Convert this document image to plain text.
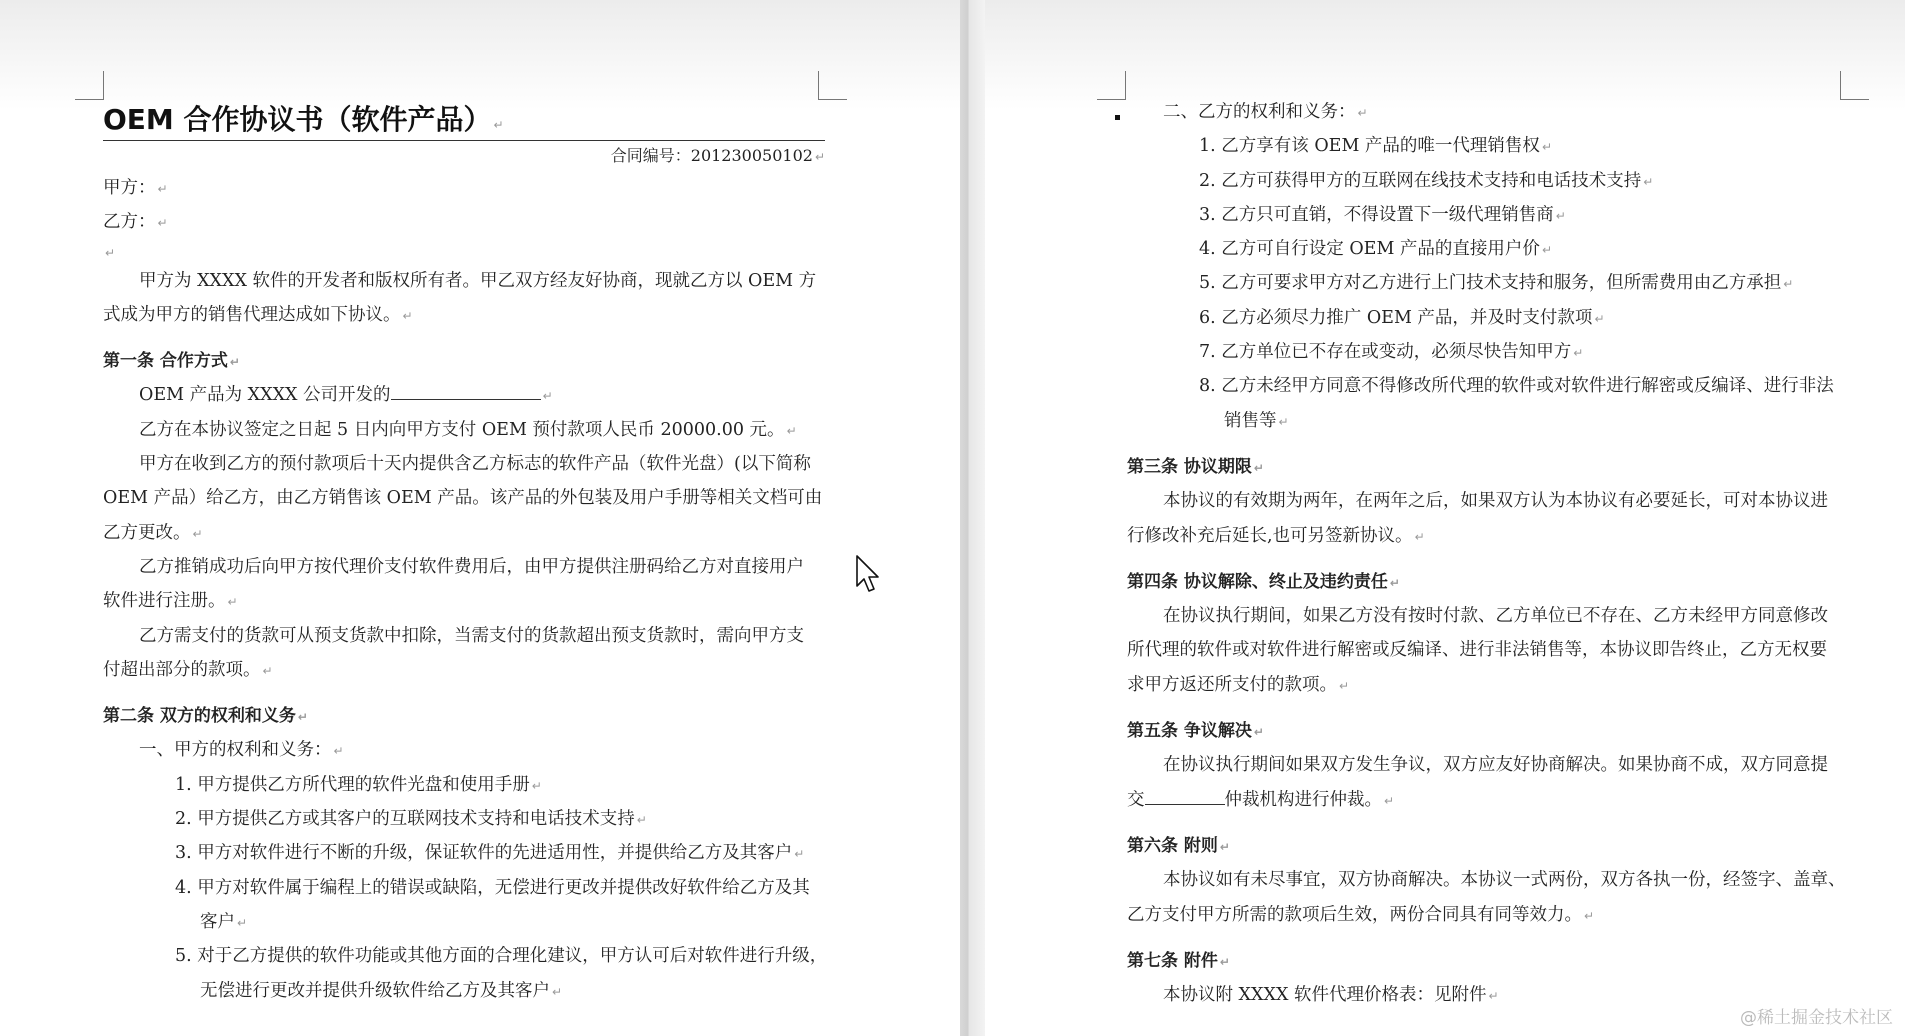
OEM 合作协议书（软件产品） ↵
合同编号：201230050102 ↵
甲方： ↵
乙方： ↵
↵
甲方为 XXXX 软件的开发者和版权所有者。甲乙双方经友好协商，现就乙方以 OEM 方
式成为甲方的销售代理达成如下协议。 ↵
第一条 合作方式 ↵
OEM 产品为 XXXX 公司开发的	↵
乙方在本协议签定之日起 5 日内向甲方支付 OEM 预付款项人民币 20000.00 元。 ↵
甲方在收到乙方的预付款项后十天内提供含乙方标志的软件产品（软件光盘）(以下简称
OEM 产品）给乙方，由乙方销售该 OEM 产品。该产品的外包装及用户手册等相关文档可由
乙方更改。 ↵
乙方推销成功后向甲方按代理价支付软件费用后，由甲方提供注册码给乙方对直接用户
软件进行注册。 ↵
乙方需支付的货款可从预支货款中扣除，当需支付的货款超出预支货款时，需向甲方支
付超出部分的款项。 ↵
第二条 双方的权利和义务 ↵
一、甲方的权利和义务： ↵
1. 甲方提供乙方所代理的软件光盘和使用手册 ↵
2. 甲方提供乙方或其客户的互联网技术支持和电话技术支持 ↵
3. 甲方对软件进行不断的升级，保证软件的先进适用性，并提供给乙方及其客户 ↵
4. 甲方对软件属于编程上的错误或缺陷，无偿进行更改并提供改好软件给乙方及其
客户 ↵
5. 对于乙方提供的软件功能或其他方面的合理化建议，甲方认可后对软件进行升级，
无偿进行更改并提供升级软件给乙方及其客户 ↵
二、乙方的权利和义务： ↵
1. 乙方享有该 OEM 产品的唯一代理销售权 ↵
2. 乙方可获得甲方的互联网在线技术支持和电话技术支持 ↵
3. 乙方只可直销，不得设置下一级代理销售商 ↵
4. 乙方可自行设定 OEM 产品的直接用户价 ↵
5. 乙方可要求甲方对乙方进行上门技术支持和服务，但所需费用由乙方承担 ↵
6. 乙方必须尽力推广 OEM 产品，并及时支付款项 ↵
7. 乙方单位已不存在或变动，必须尽快告知甲方 ↵
8. 乙方未经甲方同意不得修改所代理的软件或对软件进行解密或反编译、进行非法
销售等 ↵
第三条 协议期限 ↵
本协议的有效期为两年，在两年之后，如果双方认为本协议有必要延长，可对本协议进
行修改补充后延长,也可另签新协议。 ↵
第四条 协议解除、终止及违约责任 ↵
在协议执行期间，如果乙方没有按时付款、乙方单位已不存在、乙方未经甲方同意修改
所代理的软件或对软件进行解密或反编译、进行非法销售等，本协议即告终止，乙方无权要
求甲方返还所支付的款项。 ↵
第五条 争议解决 ↵
在协议执行期间如果双方发生争议，双方应友好协商解决。如果协商不成，双方同意提
交	仲裁机构进行仲裁。 ↵
第六条 附则 ↵
本协议如有未尽事宜，双方协商解决。本协议一式两份，双方各执一份，经签字、盖章、
乙方支付甲方所需的款项后生效，两份合同具有同等效力。 ↵
第七条 附件 ↵
本协议附 XXXX 软件代理价格表：见附件 ↵
@稀土掘金技术社区
